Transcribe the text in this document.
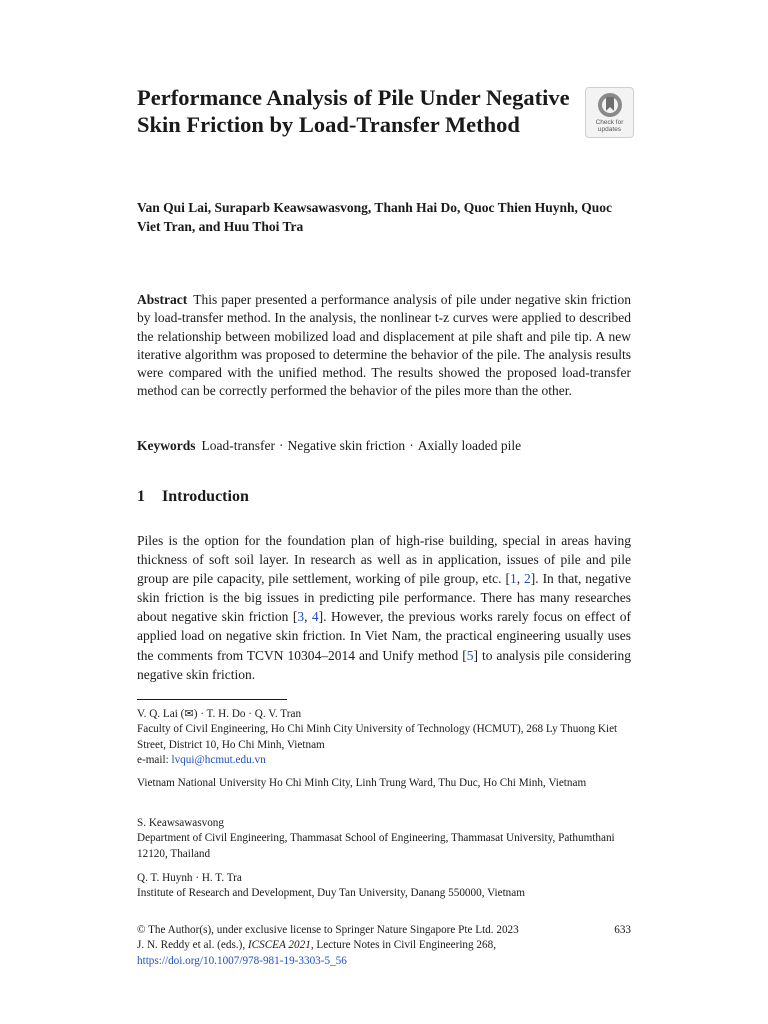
Performance Analysis of Pile Under Negative Skin Friction by Load-Transfer Method	Check for updates

Van Qui Lai, Suraparb Keawsawasvong, Thanh Hai Do, Quoc Thien Huynh, Quoc Viet Tran, and Huu Thoi Tra

Abstract This paper presented a performance analysis of pile under negative skin friction by load-transfer method. In the analysis, the nonlinear t-z curves were applied to described the relationship between mobilized load and displacement at pile shaft and pile tip. A new iterative algorithm was proposed to determine the behavior of the pile. The analysis results were compared with the unified method. The results showed the proposed load-transfer method can be correctly performed the behavior of the piles more than the other.

Keywords Load-transfer · Negative skin friction · Axially loaded pile

1 Introduction

Piles is the option for the foundation plan of high-rise building, special in areas having thickness of soft soil layer. In research as well as in application, issues of pile and pile group are pile capacity, pile settlement, working of pile group, etc. [1, 2]. In that, negative skin friction is the big issues in predicting pile performance. There has many researches about negative skin friction [3, 4]. However, the previous works rarely focus on effect of applied load on negative skin friction. In Viet Nam, the practical engineering usually uses the comments from TCVN 10304–2014 and Unify method [5] to analysis pile considering negative skin friction.

V. Q. Lai (✉) · T. H. Do · Q. V. Tran
Faculty of Civil Engineering, Ho Chi Minh City University of Technology (HCMUT), 268 Ly Thuong Kiet Street, District 10, Ho Chi Minh, Vietnam
e-mail: lvqui@hcmut.edu.vn

Vietnam National University Ho Chi Minh City, Linh Trung Ward, Thu Duc, Ho Chi Minh, Vietnam

S. Keawsawasvong
Department of Civil Engineering, Thammasat School of Engineering, Thammasat University, Pathumthani 12120, Thailand

Q. T. Huynh · H. T. Tra
Institute of Research and Development, Duy Tan University, Danang 550000, Vietnam

© The Author(s), under exclusive license to Springer Nature Singapore Pte Ltd. 2023
J. N. Reddy et al. (eds.), ICSCEA 2021, Lecture Notes in Civil Engineering 268,
https://doi.org/10.1007/978-981-19-3303-5_56

633
